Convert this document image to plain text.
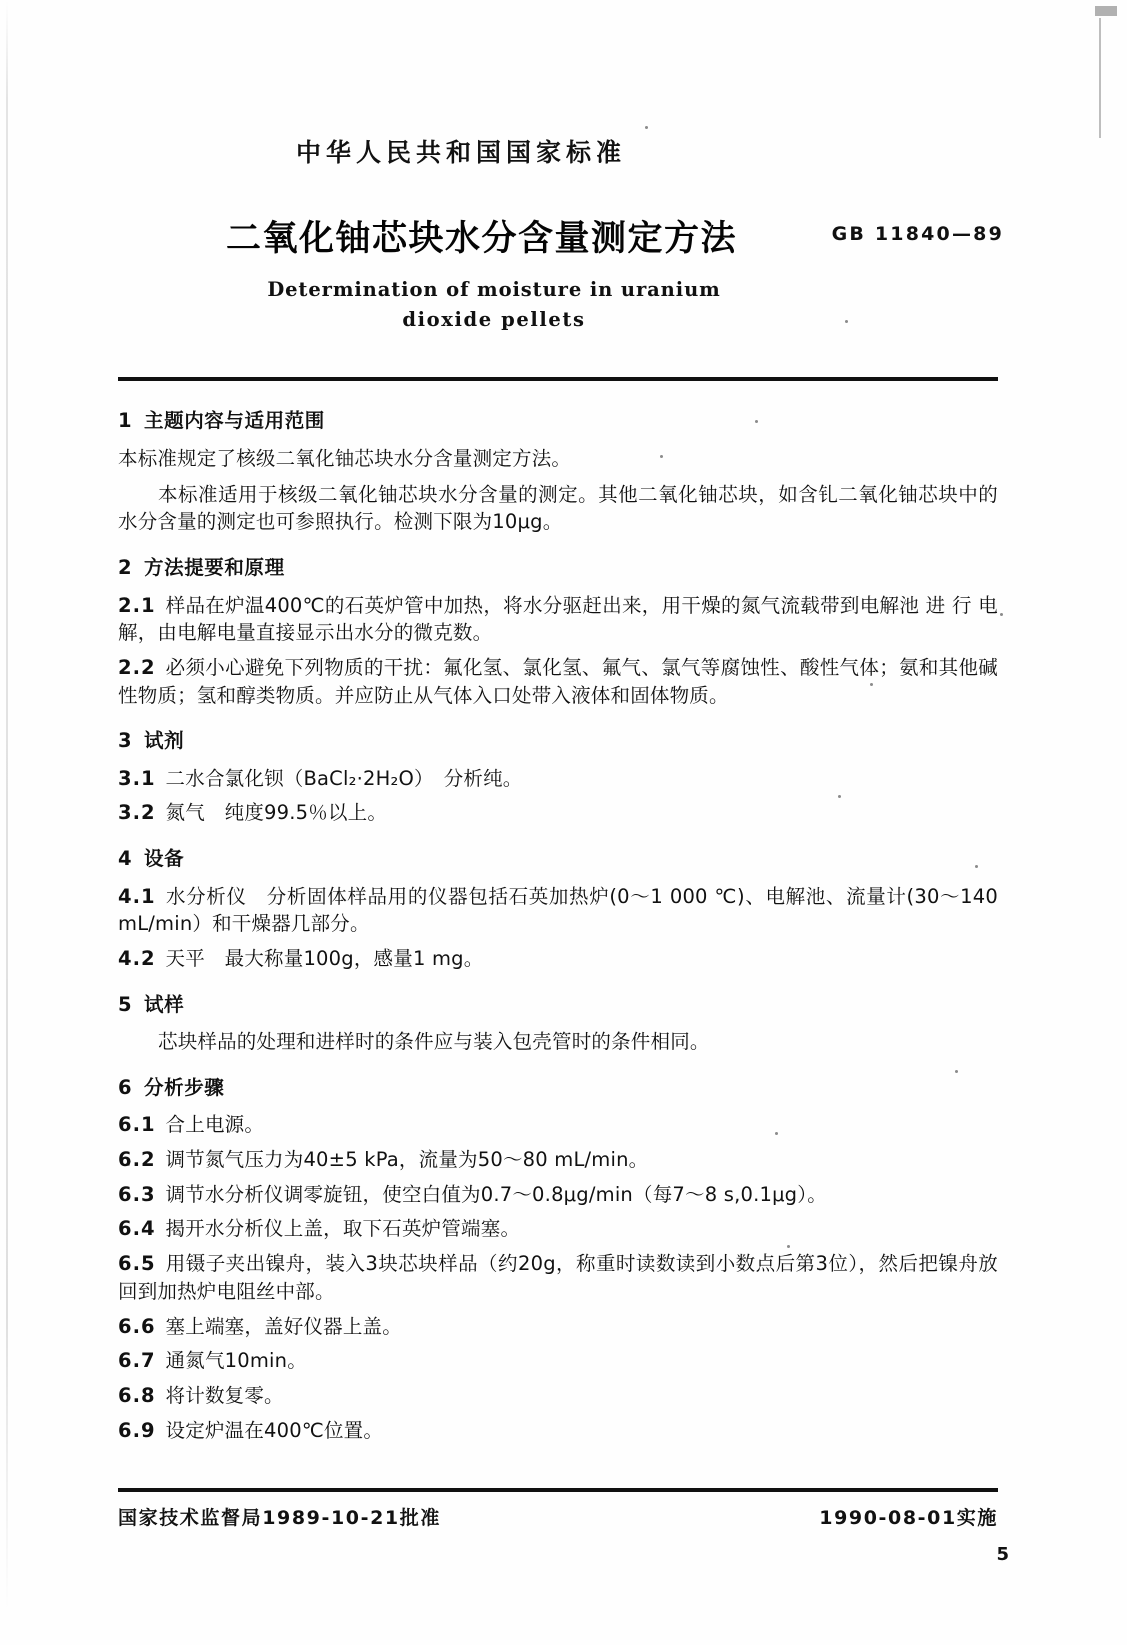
中华人民共和国国家标准
二氧化铀芯块水分含量测定方法	GB 11840—89
Determination of moisture in uranium
dioxide pellets
1 主题内容与适用范围

本标准规定了核级二氧化铀芯块水分含量测定方法。

本标准适用于核级二氧化铀芯块水分含量的测定。其他二氧化铀芯块，如含钆二氧化铀芯块中的水分含量的测定也可参照执行。检测下限为10μg。

2 方法提要和原理

2.1 样品在炉温400℃的石英炉管中加热，将水分驱赶出来，用干燥的氮气流载带到电解池 进 行 电解，由电解电量直接显示出水分的微克数。

2.2 必须小心避免下列物质的干扰：氟化氢、氯化氢、氟气、氯气等腐蚀性、酸性气体；氨和其他碱性物质；氢和醇类物质。并应防止从气体入口处带入液体和固体物质。

3 试剂

3.1 二水合氯化钡（BaCl₂·2H₂O）　分析纯。

3.2 氮气　纯度99.5％以上。

4 设备

4.1 水分析仪　分析固体样品用的仪器包括石英加热炉(0～1 000 ℃)、电解池、流量计(30～140 mL/min）和干燥器几部分。

4.2 天平　最大称量100g，感量1 mg。

5 试样

芯块样品的处理和进样时的条件应与装入包壳管时的条件相同。

6 分析步骤

6.1 合上电源。

6.2 调节氮气压力为40±5 kPa，流量为50～80 mL/min。

6.3 调节水分析仪调零旋钮，使空白值为0.7～0.8μg/min（每7～8 s,0.1μg）。

6.4 揭开水分析仪上盖，取下石英炉管端塞。

6.5 用镊子夹出镍舟，装入3块芯块样品（约20g，称重时读数读到小数点后第3位），然后把镍舟放回到加热炉电阻丝中部。

6.6 塞上端塞，盖好仪器上盖。

6.7 通氮气10min。

6.8 将计数复零。

6.9 设定炉温在400℃位置。

国家技术监督局1989-10-21批准	1990-08-01实施
5
